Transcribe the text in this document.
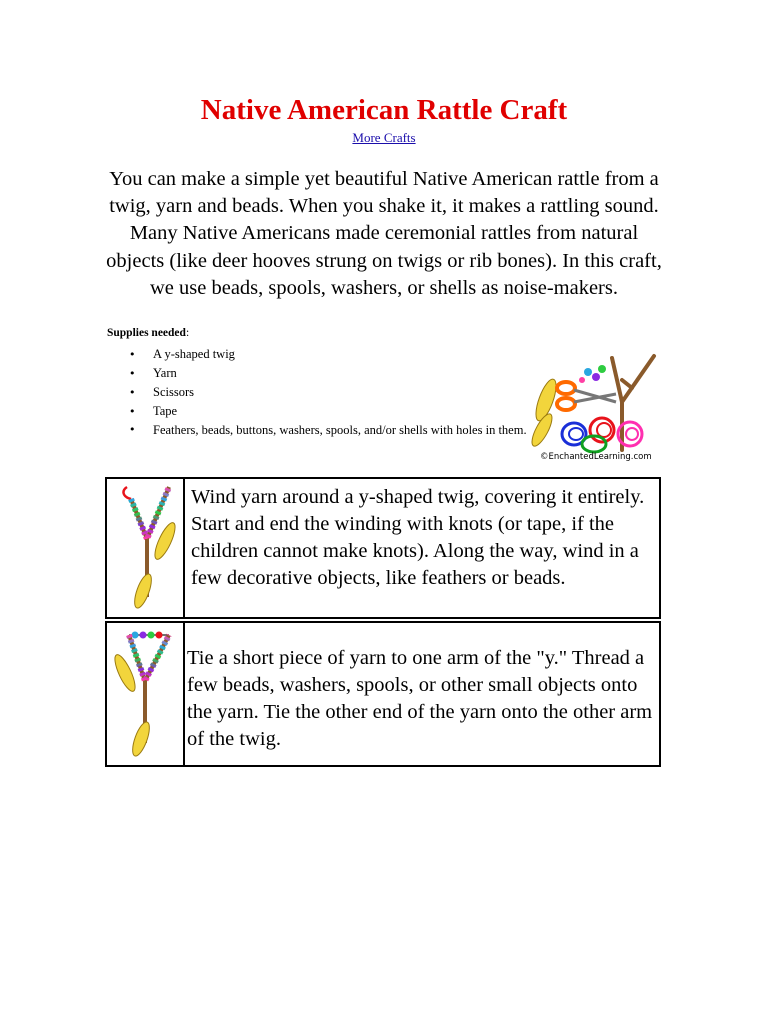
Native American Rattle Craft
More Crafts

You can make a simple yet beautiful Native American rattle from a twig, yarn and beads. When you shake it, it makes a rattling sound. Many Native Americans made ceremonial rattles from natural objects (like deer hooves strung on twigs or rib bones). In this craft, we use beads, spools, washers, or shells as noise-makers.

Supplies needed:
• A y-shaped twig
• Yarn
• Scissors
• Tape
• Feathers, beads, buttons, washers, spools, and/or shells with holes in them.
©EnchantedLearning.com
Wind yarn around a y-shaped twig, covering it entirely. Start and end the winding with knots (or tape, if the children cannot make knots). Along the way, wind in a few decorative objects, like feathers or beads.
Tie a short piece of yarn to one arm of the "y." Thread a few beads, washers, spools, or other small objects onto the yarn. Tie the other end of the yarn onto the other arm of the twig.
